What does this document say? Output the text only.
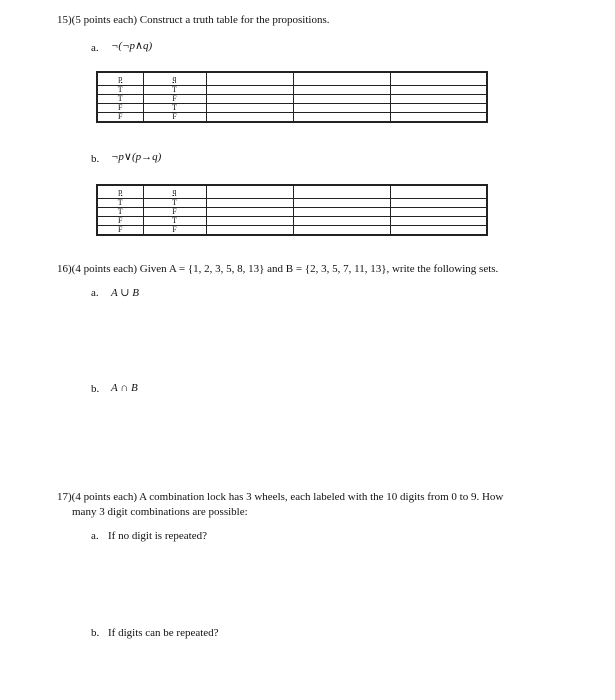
15)(5 points each) Construct a truth table for the propositions.
a. ¬(¬p∧q)
p	q			
T	T			
T	F			
F	T			
F	F			
b. ¬p∨(p→q)
p	q			
T	T			
T	F			
F	T			
F	F			
16)(4 points each) Given A = {1, 2, 3, 5, 8, 13} and B = {2, 3, 5, 7, 11, 13}, write the following sets.
a. A ∪ B
b. A ∩ B
17)(4 points each) A combination lock has 3 wheels, each labeled with the 10 digits from 0 to 9. How
many 3 digit combinations are possible:
a. If no digit is repeated?
b. If digits can be repeated?
